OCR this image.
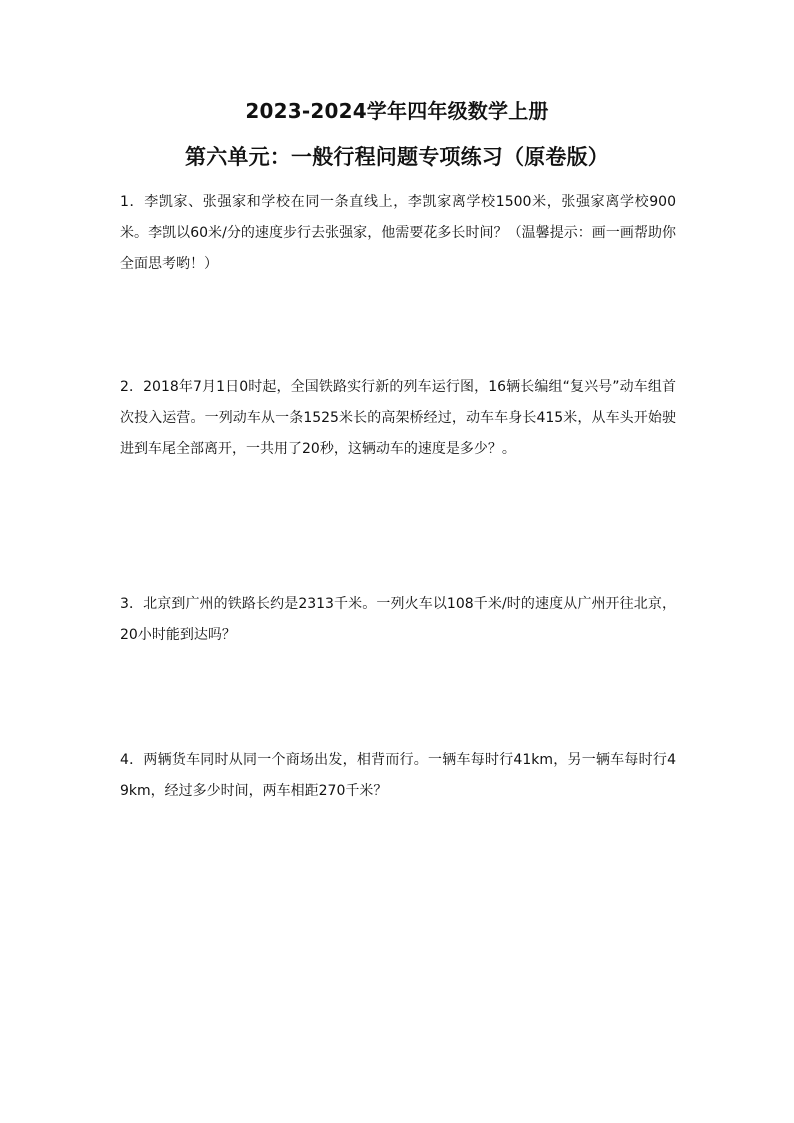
2023-2024学年四年级数学上册
第六单元：一般行程问题专项练习（原卷版）
1．李凯家、张强家和学校在同一条直线上，李凯家离学校1500米，张强家离学校900米。李凯以60米/分的速度步行去张强家，他需要花多长时间？（温馨提示：画一画帮助你全面思考哟！）
2．2018年7月1日0时起，全国铁路实行新的列车运行图，16辆长编组“复兴号”动车组首次投入运营。一列动车从一条1525米长的高架桥经过，动车车身长415米，从车头开始驶进到车尾全部离开，一共用了20秒，这辆动车的速度是多少？。
3．北京到广州的铁路长约是2313千米。一列火车以108千米/时的速度从广州开往北京，20小时能到达吗？
4．两辆货车同时从同一个商场出发，相背而行。一辆车每时行41km，另一辆车每时行49km，经过多少时间，两车相距270千米？
